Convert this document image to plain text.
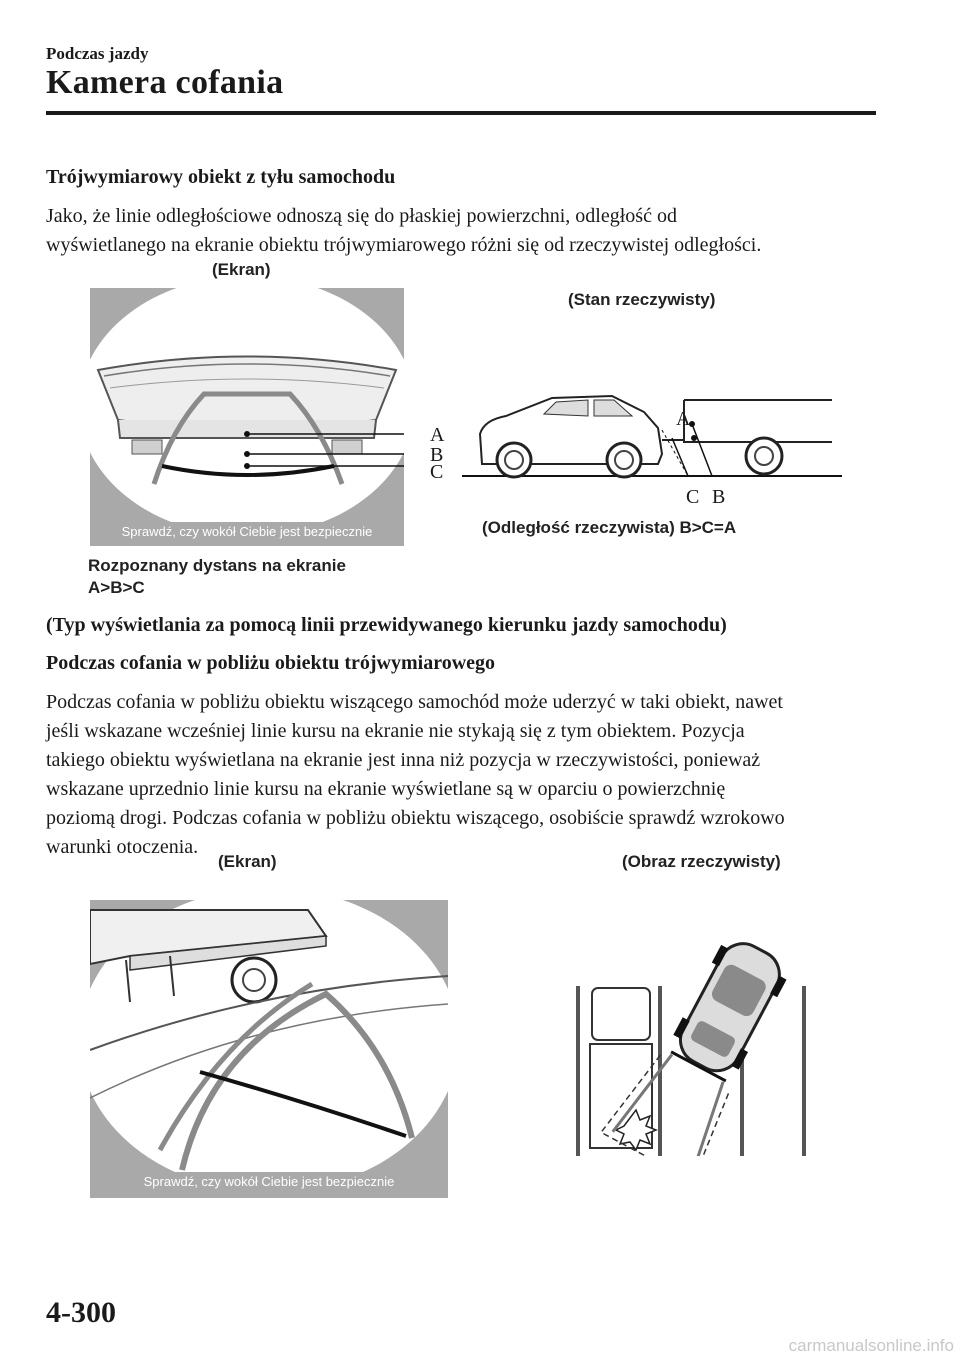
Podczas jazdy
Kamera cofania
Trójwymiarowy obiekt z tyłu samochodu
Jako, że linie odległościowe odnoszą się do płaskiej powierzchni, odległość od
wyświetlanego na ekranie obiektu trójwymiarowego różni się od rzeczywistej odległości.
(Ekran)
(Stan rzeczywisty)
Sprawdź, czy wokół Ciebie jest bezpiecznie
A
B
C
A
C B
(Odległość rzeczywista) B>C=A
Rozpoznany dystans na ekranie
A>B>C
(Typ wyświetlania za pomocą linii przewidywanego kierunku jazdy samochodu)
Podczas cofania w pobliżu obiektu trójwymiarowego
Podczas cofania w pobliżu obiektu wiszącego samochód może uderzyć w taki obiekt, nawet
jeśli wskazane wcześniej linie kursu na ekranie nie stykają się z tym obiektem. Pozycja
takiego obiektu wyświetlana na ekranie jest inna niż pozycja w rzeczywistości, ponieważ
wskazane uprzednio linie kursu na ekranie wyświetlane są w oparciu o powierzchnię
poziomą drogi. Podczas cofania w pobliżu obiektu wiszącego, osobiście sprawdź wzrokowo
warunki otoczenia.
(Ekran)	(Obraz rzeczywisty)
Sprawdź, czy wokół Ciebie jest bezpiecznie
4-300
carmanualsonline.info
